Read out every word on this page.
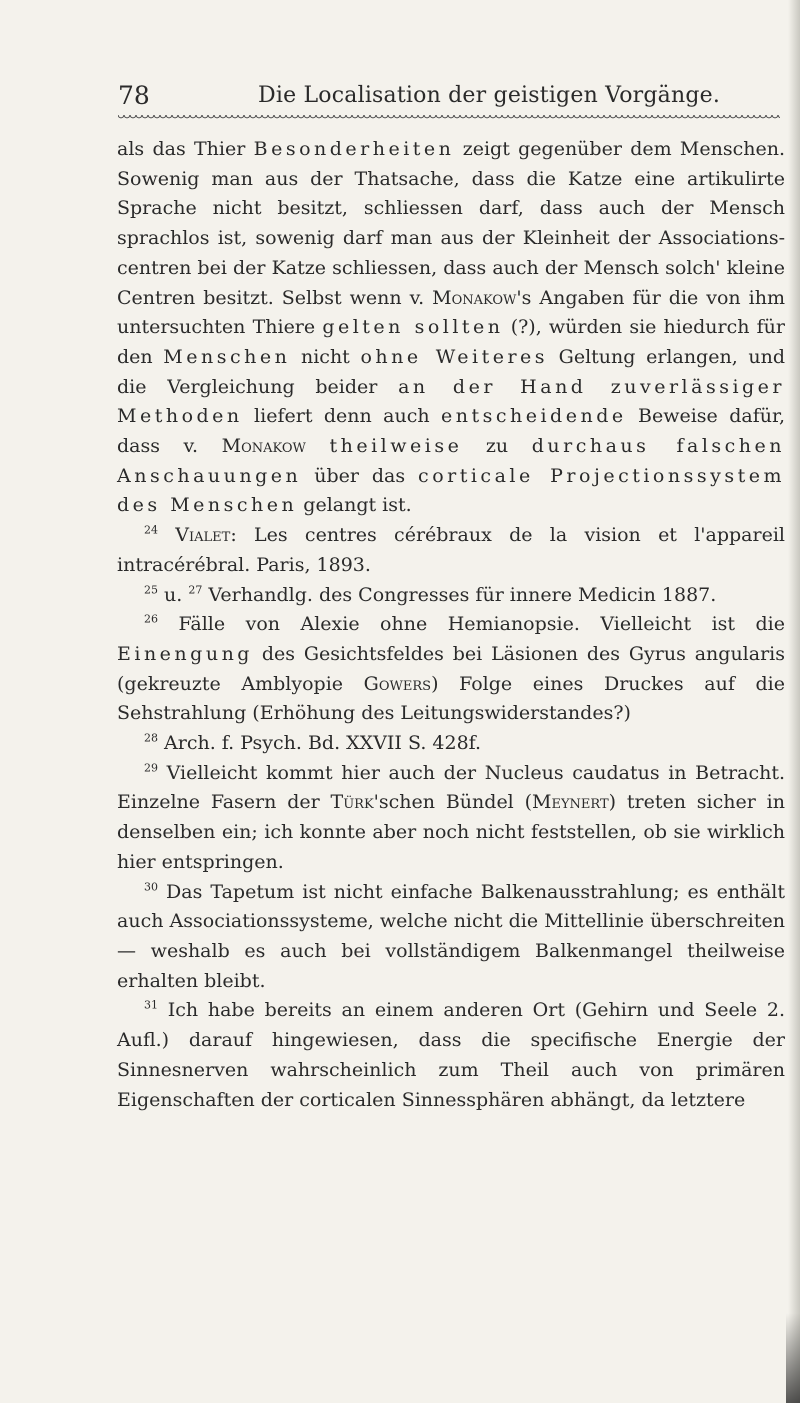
78	Die Localisation der geistigen Vorgänge.

als das Thier Besonderheiten zeigt gegenüber dem Menschen. Sowenig man aus der Thatsache, dass die Katze eine artikulirte Sprache nicht besitzt, schliessen darf, dass auch der Mensch sprachlos ist, sowenig darf man aus der Kleinheit der Associations-centren bei der Katze schliessen, dass auch der Mensch solch' kleine Centren besitzt. Selbst wenn v. Monakow's Angaben für die von ihm untersuchten Thiere gelten sollten (?), würden sie hiedurch für den Menschen nicht ohne Weiteres Geltung erlangen, und die Vergleichung beider an der Hand zuverlässiger Methoden liefert denn auch entscheidende Beweise dafür, dass v. Monakow theilweise zu durchaus falschen Anschauungen über das corticale Projectionssystem des Menschen gelangt ist.

$^{24}$ Vialet: Les centres cérébraux de la vision et l'appareil intracérébral. Paris, 1893.

$^{25}$ u. $^{27}$ Verhandlg. des Congresses für innere Medicin 1887.

$^{26}$ Fälle von Alexie ohne Hemianopsie. Vielleicht ist die Einengung des Gesichtsfeldes bei Läsionen des Gyrus angularis (gekreuzte Amblyopie Gowers) Folge eines Druckes auf die Sehstrahlung (Erhöhung des Leitungswiderstandes?)

$^{28}$ Arch. f. Psych. Bd. XXVII S. 428f.

$^{29}$ Vielleicht kommt hier auch der Nucleus caudatus in Betracht. Einzelne Fasern der Türk'schen Bündel (Meynert) treten sicher in denselben ein; ich konnte aber noch nicht feststellen, ob sie wirklich hier entspringen.

$^{30}$ Das Tapetum ist nicht einfache Balkenausstrahlung; es enthält auch Associationssysteme, welche nicht die Mittellinie überschreiten — weshalb es auch bei vollständigem Balkenmangel theilweise erhalten bleibt.

$^{31}$ Ich habe bereits an einem anderen Ort (Gehirn und Seele 2. Aufl.) darauf hingewiesen, dass die specifische Energie der Sinnesnerven wahrscheinlich zum Theil auch von primären Eigenschaften der corticalen Sinnessphären abhängt, da letztere
